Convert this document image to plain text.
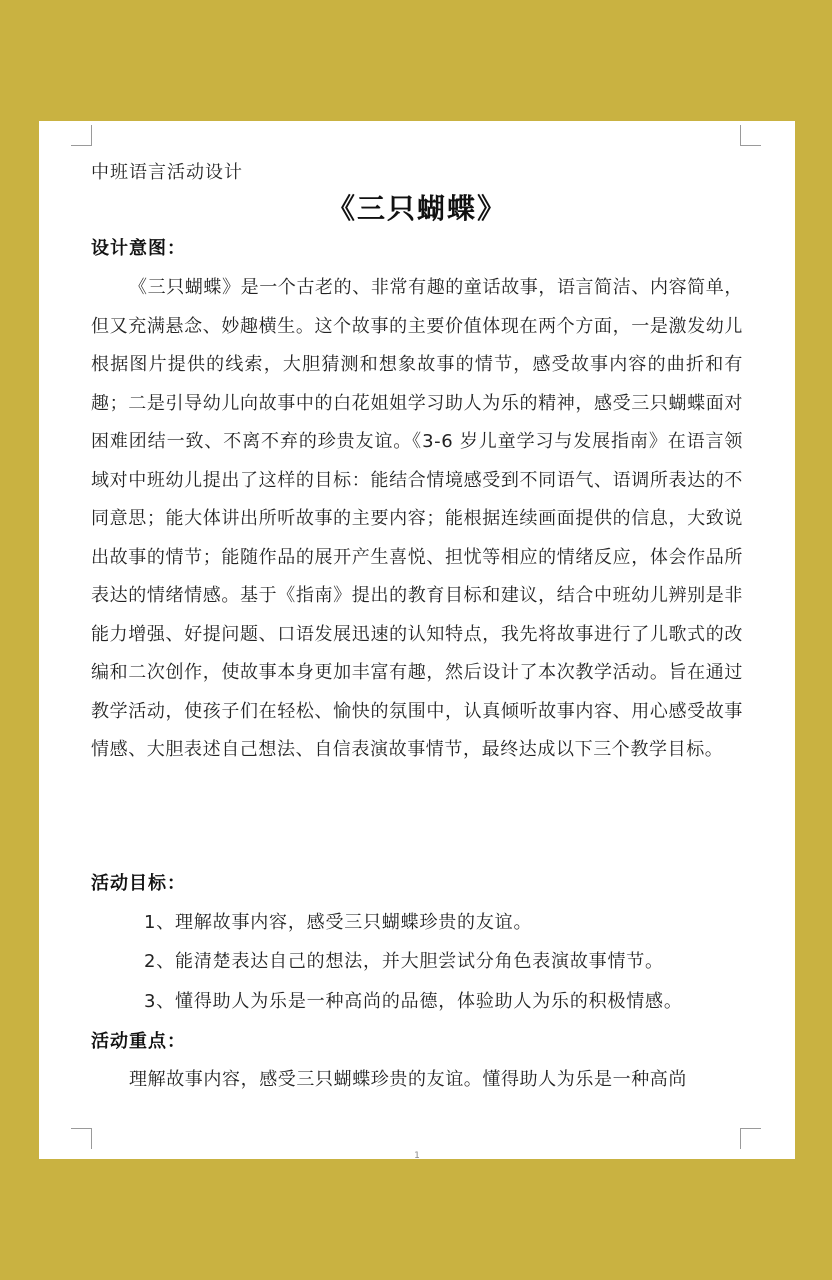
中班语言活动设计
《三只蝴蝶》
设计意图：

《三只蝴蝶》是一个古老的、非常有趣的童话故事，语言简洁、内容简单，但又充满悬念、妙趣横生。这个故事的主要价值体现在两个方面，一是激发幼儿根据图片提供的线索，大胆猜测和想象故事的情节，感受故事内容的曲折和有趣；二是引导幼儿向故事中的白花姐姐学习助人为乐的精神，感受三只蝴蝶面对困难团结一致、不离不弃的珍贵友谊。《3-6 岁儿童学习与发展指南》在语言领域对中班幼儿提出了这样的目标：能结合情境感受到不同语气、语调所表达的不同意思；能大体讲出所听故事的主要内容；能根据连续画面提供的信息，大致说出故事的情节；能随作品的展开产生喜悦、担忧等相应的情绪反应，体会作品所表达的情绪情感。基于《指南》提出的教育目标和建议，结合中班幼儿辨别是非能力增强、好提问题、口语发展迅速的认知特点，我先将故事进行了儿歌式的改编和二次创作，使故事本身更加丰富有趣，然后设计了本次教学活动。旨在通过教学活动，使孩子们在轻松、愉快的氛围中，认真倾听故事内容、用心感受故事情感、大胆表述自己想法、自信表演故事情节，最终达成以下三个教学目标。

活动目标：
1、理解故事内容，感受三只蝴蝶珍贵的友谊。
2、能清楚表达自己的想法，并大胆尝试分角色表演故事情节。
3、懂得助人为乐是一种高尚的品德，体验助人为乐的积极情感。
活动重点：

理解故事内容，感受三只蝴蝶珍贵的友谊。懂得助人为乐是一种高尚

1
